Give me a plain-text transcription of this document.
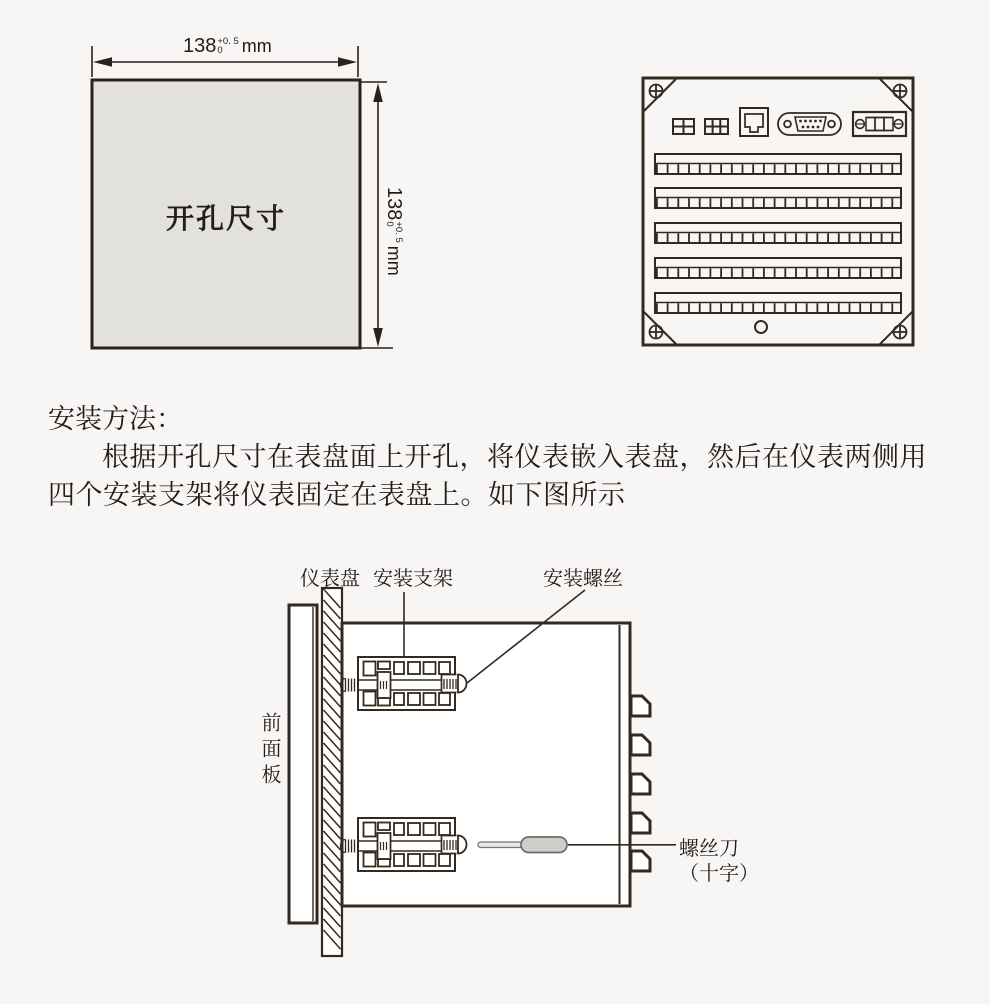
138 +0. 5
0	mm
138
+0. 5
0
mm
开孔尺寸
安装方法：
根据开孔尺寸在表盘面上开孔，将仪表嵌入表盘，然后在仪表两侧用四个安装支架将仪表固定在表盘上。如下图所示
仪表盘 安装支架	安装螺丝
前面板
螺丝刀
（十字）
